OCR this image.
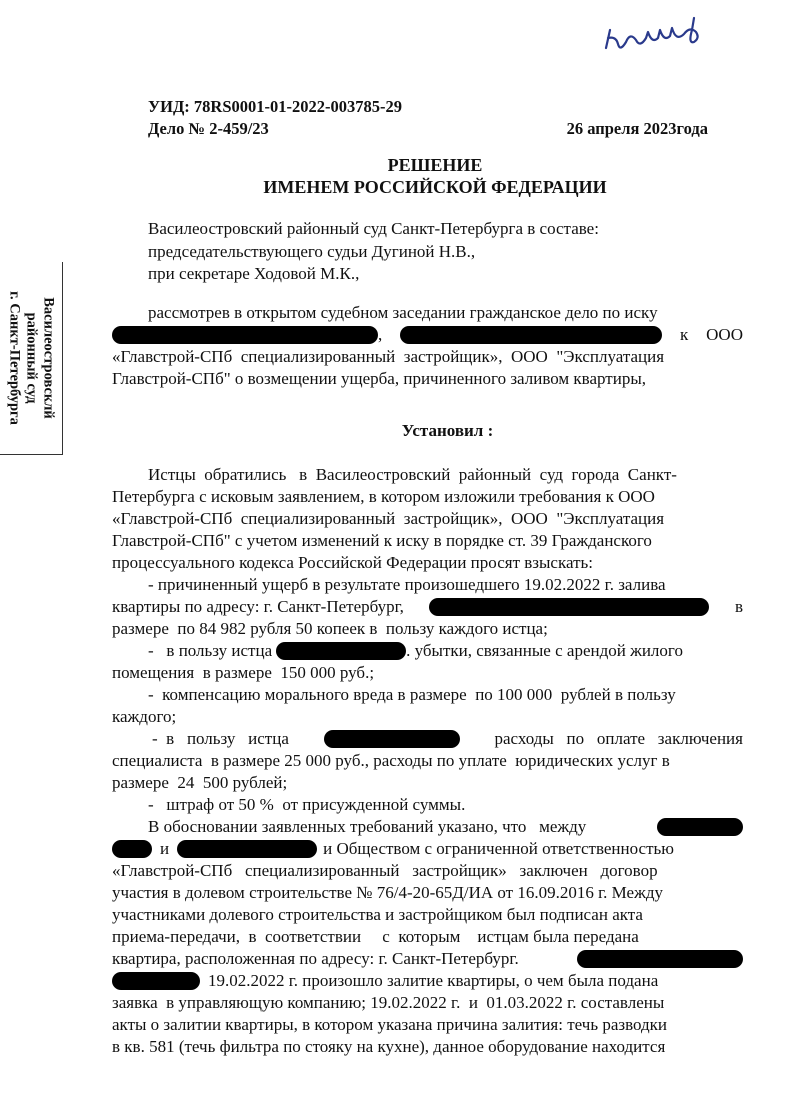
юшер
Василеостровсклй
районный суд
г. Санкт-Петербурга
УИД: 78RS0001-01-2022-003785-29
Дело № 2-459/23	26 апреля 2023года
РЕШЕНИЕ
ИМЕНЕМ РОССИЙСКОЙ ФЕДЕРАЦИИ
Василеостровский районный суд Санкт-Петербурга в составе:
председательствующего судьи Дугиной Н.В.,
при секретаре Ходовой М.К.,
рассмотрев в открытом судебном заседании гражданское дело по иску
,	к ООО
«Главстрой-СПб  специализированный  застройщик»,  ООО  "Эксплуатация
Главстрой-СПб" о возмещении ущерба, причиненного заливом квартиры,
Установил :
Истцы  обратились   в  Василеостровский  районный  суд  города  Санкт-
Петербурга с исковым заявлением, в котором изложили требования к ООО
«Главстрой-СПб  специализированный  застройщик»,  ООО  "Эксплуатация
Главстрой-СПб" с учетом изменений к иску в порядке ст. 39 Гражданского
процессуального кодекса Российской Федерации просят взыскать:
- причиненный ущерб в результате произошедшего 19.02.2022 г. залива
квартиры по адресу: г. Санкт-Петербург,	в
размере  по 84 982 рубля 50 копеек в  пользу каждого истца;
-   в пользу истца	. убытки, связанные с арендой жилого
помещения  в размере  150 000 руб.;
-  компенсацию морального вреда в размере  по 100 000  рублей в пользу
каждого;
-  в   пользу   истца	расходы   по   оплате   заключения
специалиста  в размере 25 000 руб., расходы по уплате  юридических услуг в
размере  24  500 рублей;
-   штраф от 50 %  от присужденной суммы.
В обосновании заявленных требований указано, что   между
и	и Обществом с ограниченной ответственностью
«Главстрой-СПб   специализированный   застройщик»   заключен   договор
участия в долевом строительстве № 76/4-20-65Д/ИА от 16.09.2016 г. Между
участниками долевого строительства и застройщиком был подписан акта
приема-передачи,  в  соответствии     с  которым    истцам была передана
квартира, расположенная по адресу: г. Санкт-Петербург.
19.02.2022 г. произошло залитие квартиры, о чем была подана
заявка  в управляющую компанию; 19.02.2022 г.  и  01.03.2022 г. составлены
акты о залитии квартиры, в котором указана причина залития: течь разводки
в кв. 581 (течь фильтра по стояку на кухне), данное оборудование находится
